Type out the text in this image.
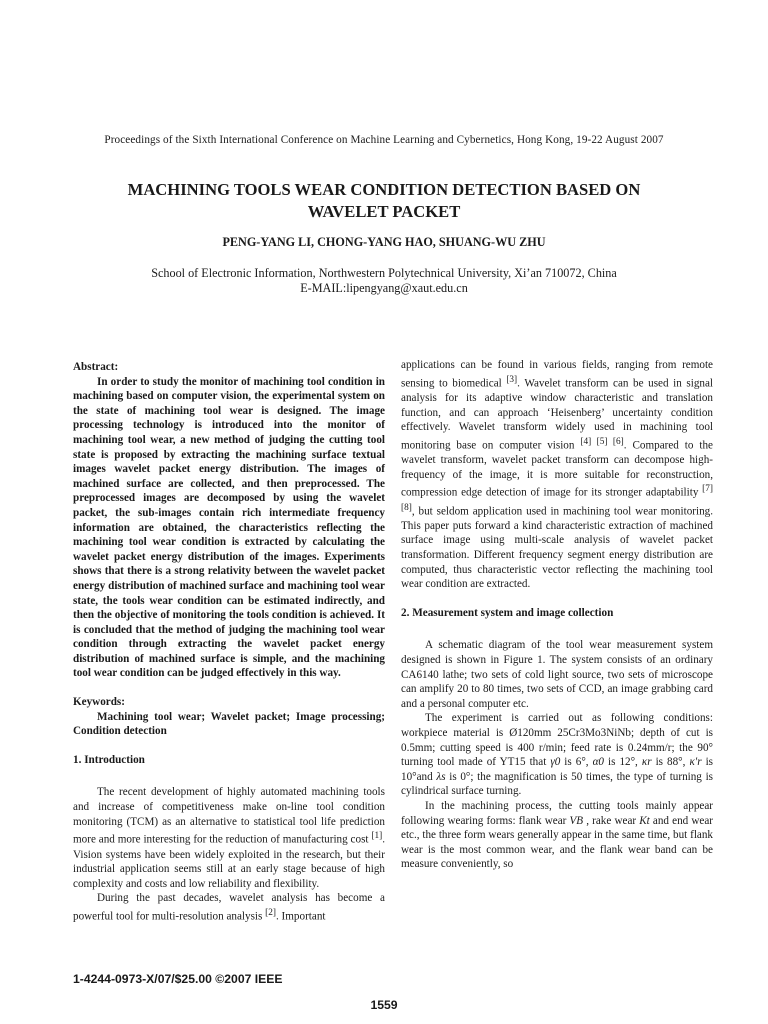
Proceedings of the Sixth International Conference on Machine Learning and Cybernetics, Hong Kong, 19-22 August 2007
MACHINING TOOLS WEAR CONDITION DETECTION BASED ON
WAVELET PACKET
PENG-YANG LI, CHONG-YANG HAO, SHUANG-WU ZHU
School of Electronic Information, Northwestern Polytechnical University, Xi’an 710072, China
E-MAIL:lipengyang@xaut.edu.cn

Abstract:

In order to study the monitor of machining tool condition in machining based on computer vision, the experimental system on the state of machining tool wear is designed. The image processing technology is introduced into the monitor of machining tool wear, a new method of judging the cutting tool state is proposed by extracting the machining surface textual images wavelet packet energy distribution. The images of machined surface are collected, and then preprocessed. The preprocessed images are decomposed by using the wavelet packet, the sub-images contain rich intermediate frequency information are obtained, the characteristics reflecting the machining tool wear condition is extracted by calculating the wavelet packet energy distribution of the images. Experiments shows that there is a strong relativity between the wavelet packet energy distribution of machined surface and machining tool wear state, the tools wear condition can be estimated indirectly, and then the objective of monitoring the tools condition is achieved. It is concluded that the method of judging the machining tool wear condition through extracting the wavelet packet energy distribution of machined surface is simple, and the machining tool wear condition can be judged effectively in this way.

Keywords:

Machining tool wear; Wavelet packet; Image processing; Condition detection

1. Introduction

The recent development of highly automated machining tools and increase of competitiveness make on-line tool condition monitoring (TCM) as an alternative to statistical tool life prediction more and more interesting for the reduction of manufacturing cost [1]. Vision systems have been widely exploited in the research, but their industrial application seems still at an early stage because of high complexity and costs and low reliability and flexibility.

During the past decades, wavelet analysis has become a powerful tool for multi-resolution analysis [2]. Important

applications can be found in various fields, ranging from remote sensing to biomedical [3]. Wavelet transform can be used in signal analysis for its adaptive window characteristic and translation function, and can approach ‘Heisenberg’ uncertainty condition effectively. Wavelet transform widely used in machining tool monitoring base on computer vision [4] [5] [6]. Compared to the wavelet transform, wavelet packet transform can decompose high-frequency of the image, it is more suitable for reconstruction, compression edge detection of image for its stronger adaptability [7] [8], but seldom application used in machining tool wear monitoring. This paper puts forward a kind characteristic extraction of machined surface image using multi-scale analysis of wavelet packet transformation. Different frequency segment energy distribution are computed, thus characteristic vector reflecting the machining tool wear condition are extracted.

2. Measurement system and image collection

A schematic diagram of the tool wear measurement system designed is shown in Figure 1. The system consists of an ordinary CA6140 lathe; two sets of cold light source, two sets of microscope can amplify 20 to 80 times, two sets of CCD, an image grabbing card and a personal computer etc.

The experiment is carried out as following conditions: workpiece material is Ø120mm 25Cr3Mo3NiNb; depth of cut is 0.5mm; cutting speed is 400 r/min; feed rate is 0.24mm/r; the 90° turning tool made of YT15 that γ0 is 6°, α0 is 12°, κr is 88°, κ′r is 10°and λs is 0°; the magnification is 50 times, the type of turning is cylindrical surface turning.

In the machining process, the cutting tools mainly appear following wearing forms: flank wear VB , rake wear Kt and end wear etc., the three form wears generally appear in the same time, but flank wear is the most common wear, and the flank wear band can be measure conveniently, so

1-4244-0973-X/07/$25.00 ©2007 IEEE
1559
